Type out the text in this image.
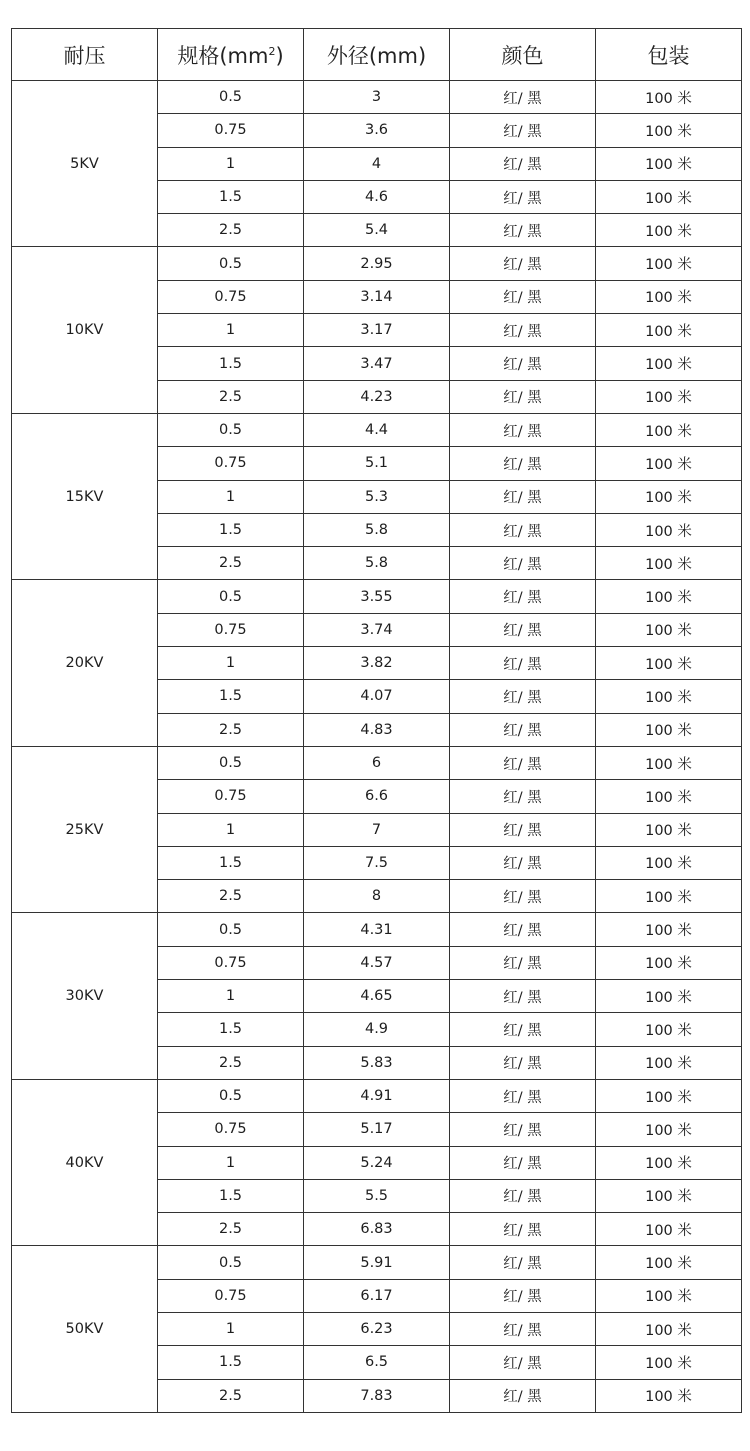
耐压	规格$(mm^2)$	外径(mm)	颜色	包装
5KV	0.5	3	红/ 黑	100 米
	0.75	3.6	红/ 黑	100 米
	1	4	红/ 黑	100 米
	1.5	4.6	红/ 黑	100 米
	2.5	5.4	红/ 黑	100 米
10KV	0.5	2.95	红/ 黑	100 米
	0.75	3.14	红/ 黑	100 米
	1	3.17	红/ 黑	100 米
	1.5	3.47	红/ 黑	100 米
	2.5	4.23	红/ 黑	100 米
15KV	0.5	4.4	红/ 黑	100 米
	0.75	5.1	红/ 黑	100 米
	1	5.3	红/ 黑	100 米
	1.5	5.8	红/ 黑	100 米
	2.5	5.8	红/ 黑	100 米
20KV	0.5	3.55	红/ 黑	100 米
	0.75	3.74	红/ 黑	100 米
	1	3.82	红/ 黑	100 米
	1.5	4.07	红/ 黑	100 米
	2.5	4.83	红/ 黑	100 米
25KV	0.5	6	红/ 黑	100 米
	0.75	6.6	红/ 黑	100 米
	1	7	红/ 黑	100 米
	1.5	7.5	红/ 黑	100 米
	2.5	8	红/ 黑	100 米
30KV	0.5	4.31	红/ 黑	100 米
	0.75	4.57	红/ 黑	100 米
	1	4.65	红/ 黑	100 米
	1.5	4.9	红/ 黑	100 米
	2.5	5.83	红/ 黑	100 米
40KV	0.5	4.91	红/ 黑	100 米
	0.75	5.17	红/ 黑	100 米
	1	5.24	红/ 黑	100 米
	1.5	5.5	红/ 黑	100 米
	2.5	6.83	红/ 黑	100 米
50KV	0.5	5.91	红/ 黑	100 米
	0.75	6.17	红/ 黑	100 米
	1	6.23	红/ 黑	100 米
	1.5	6.5	红/ 黑	100 米
	2.5	7.83	红/ 黑	100 米
